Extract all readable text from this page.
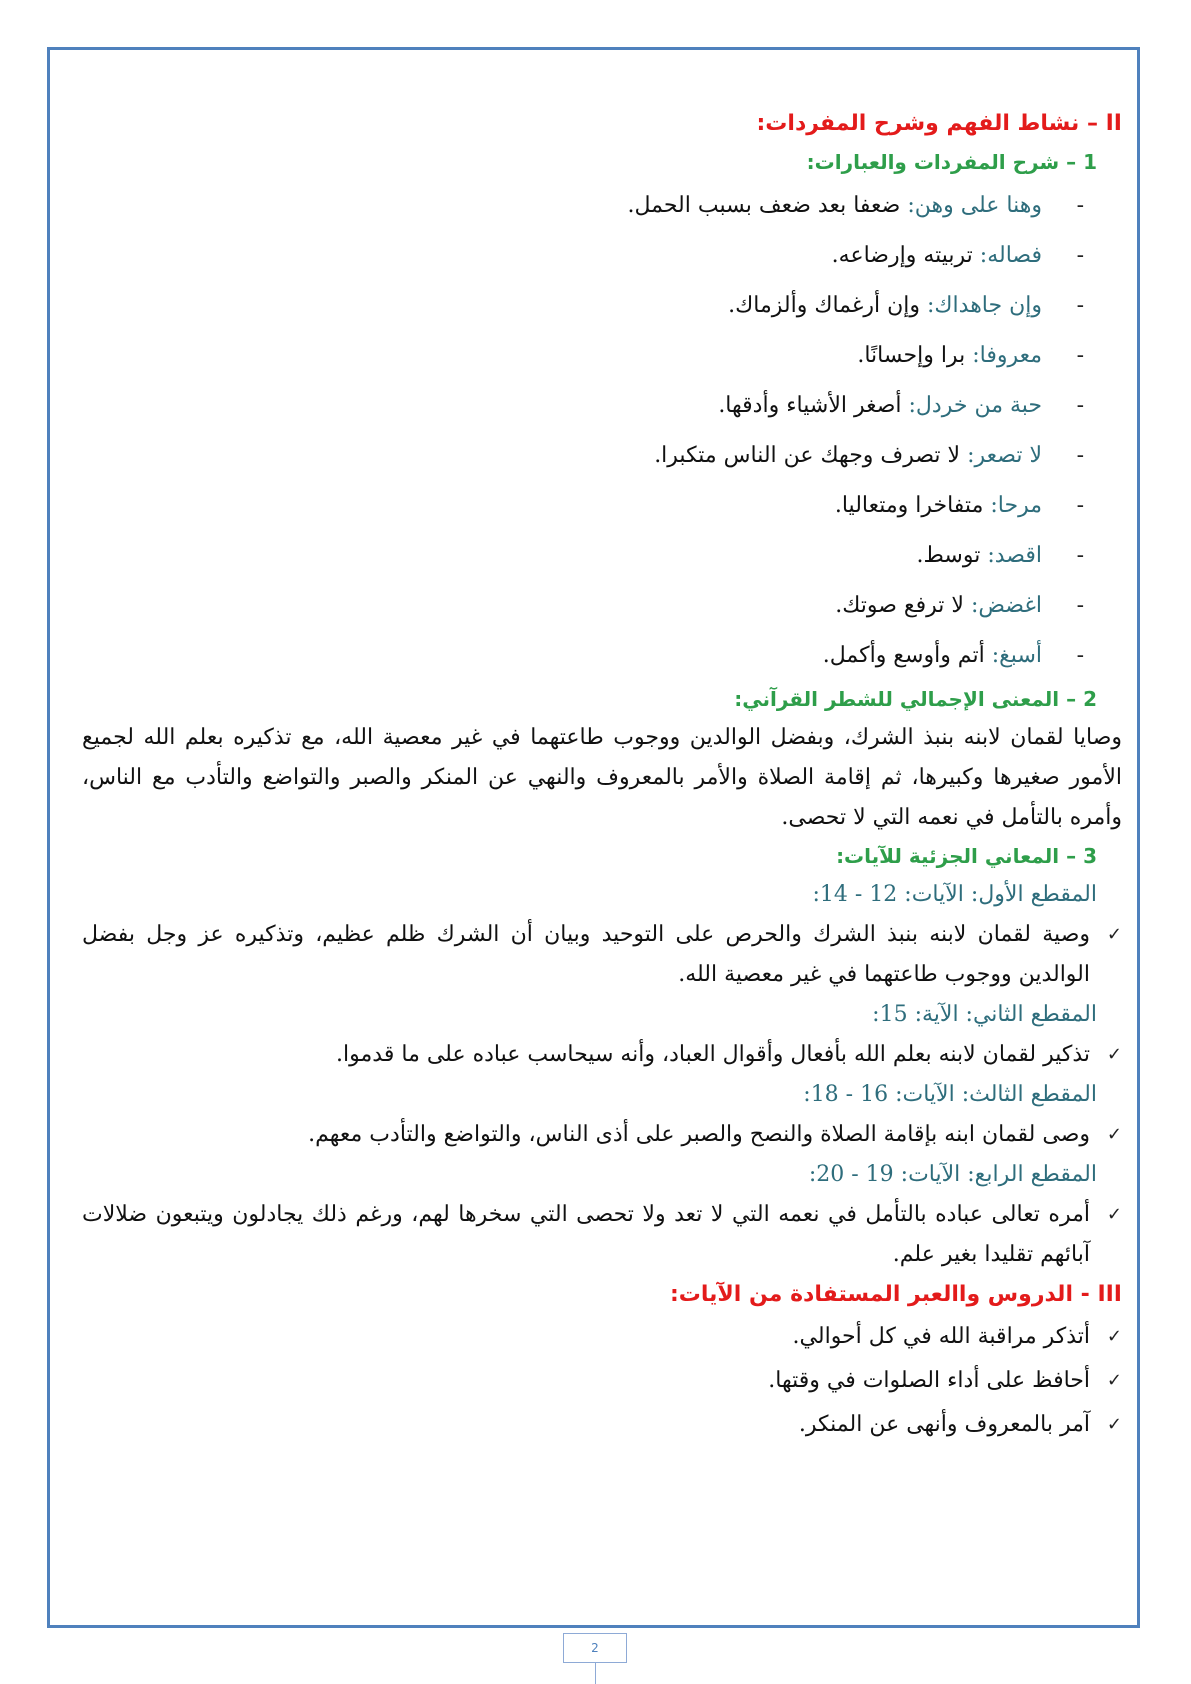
II – نشاط الفهم وشرح المفردات:
1 – شرح المفردات والعبارات:
-وهنا على وهن: ضعفا بعد ضعف بسبب الحمل.
-فصاله: تربيته وإرضاعه.
-وإن جاهداك: وإن أرغماك وألزماك.
-معروفا: برا وإحسانًا.
-حبة من خردل: أصغر الأشياء وأدقها.
-لا تصعر: لا تصرف وجهك عن الناس متكبرا.
-مرحا: متفاخرا ومتعاليا.
-اقصد: توسط.
-اغضض: لا ترفع صوتك.
-أسبغ: أتم وأوسع وأكمل.
2 – المعنى الإجمالي للشطر القرآني:

وصايا لقمان لابنه بنبذ الشرك، وبفضل الوالدين ووجوب طاعتهما في غير معصية الله، مع تذكيره بعلم الله لجميع الأمور صغيرها وكبيرها، ثم إقامة الصلاة والأمر بالمعروف والنهي عن المنكر والصبر والتواضع والتأدب مع الناس، وأمره بالتأمل في نعمه التي لا تحصى.

3 – المعاني الجزئية للآيات:
المقطع الأول: الآيات: 12 - 14:
✓
وصية لقمان لابنه بنبذ الشرك والحرص على التوحيد وبيان أن الشرك ظلم عظيم، وتذكيره عز وجل بفضل الوالدين ووجوب طاعتهما في غير معصية الله.
المقطع الثاني: الآية: 15:
✓
تذكير لقمان لابنه بعلم الله بأفعال وأقوال العباد، وأنه سيحاسب عباده على ما قدموا.
المقطع الثالث: الآيات: 16 - 18:
✓
وصى لقمان ابنه بإقامة الصلاة والنصح والصبر على أذى الناس، والتواضع والتأدب معهم.
المقطع الرابع: الآيات: 19 - 20:
✓
أمره تعالى عباده بالتأمل في نعمه التي لا تعد ولا تحصى التي سخرها لهم، ورغم ذلك يجادلون ويتبعون ضلالات آبائهم تقليدا بغير علم.
III - الدروس واالعبر المستفادة من الآيات:
✓
أتذكر مراقبة الله في كل أحوالي.
✓
أحافظ على أداء الصلوات في وقتها.
✓
آمر بالمعروف وأنهى عن المنكر.
2
